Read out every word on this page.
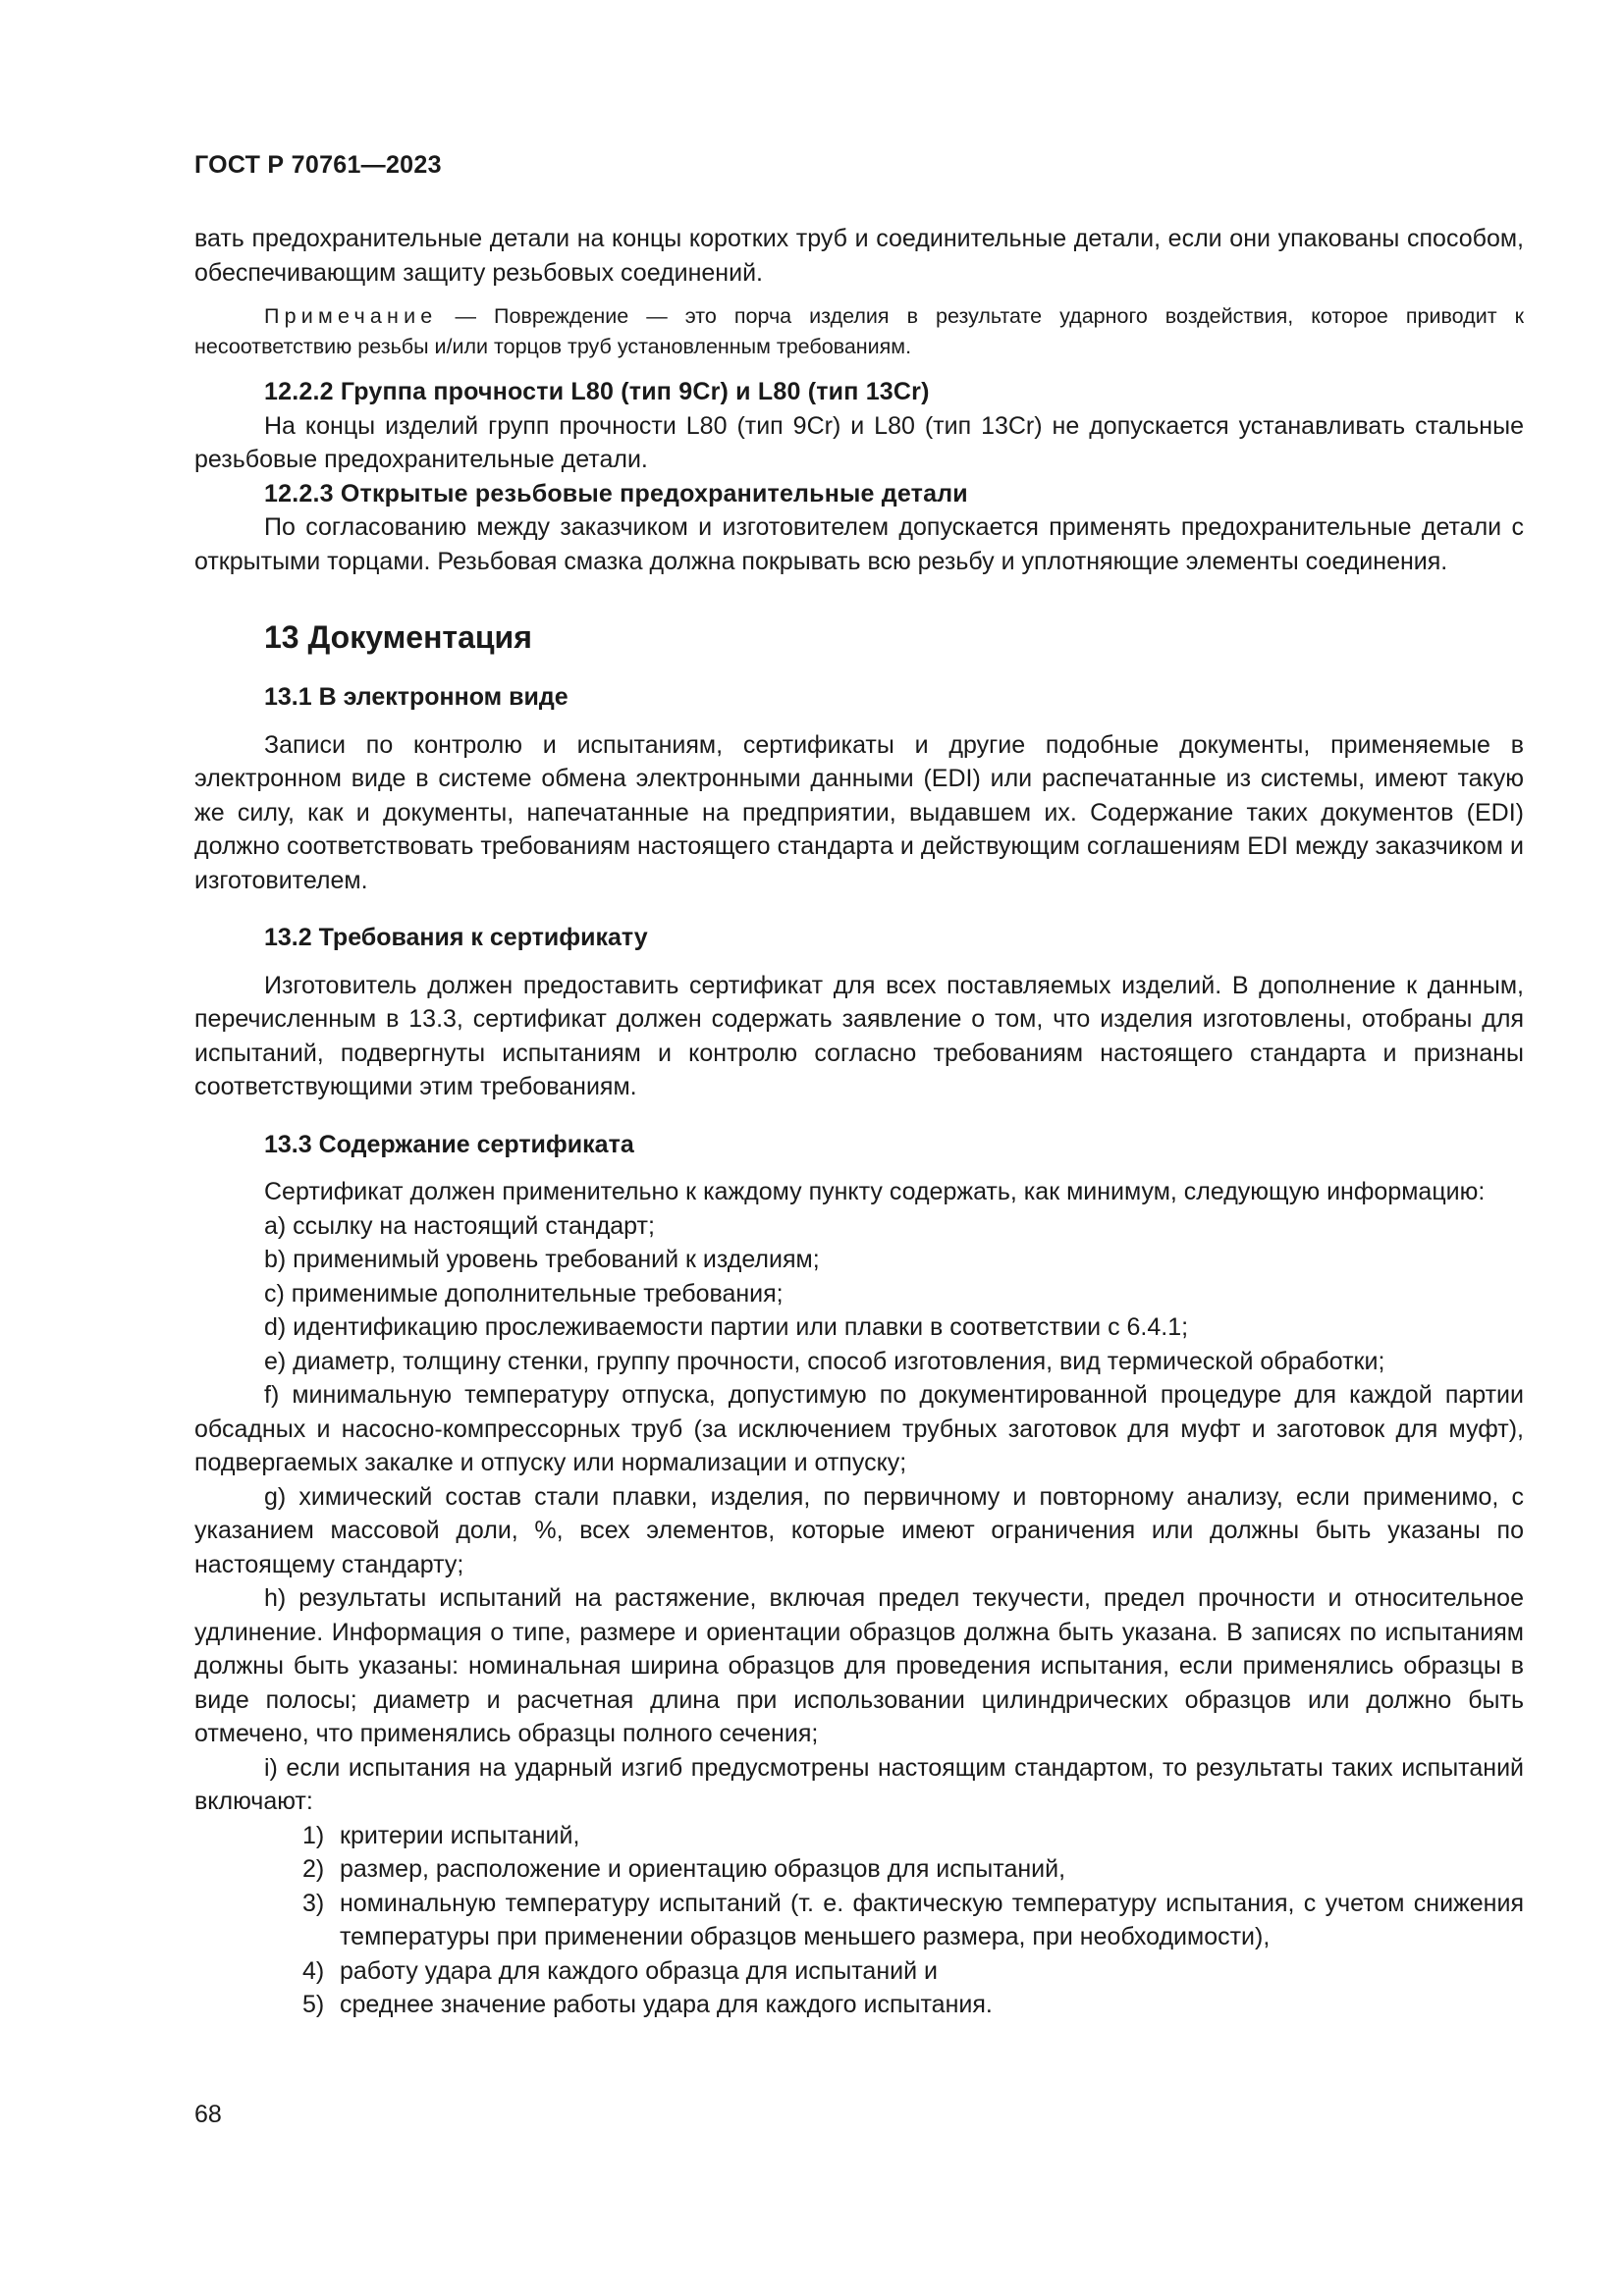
ГОСТ Р 70761—2023

вать предохранительные детали на концы коротких труб и соединительные детали, если они упакованы способом, обеспечивающим защиту резьбовых соединений.

Примечание — Повреждение — это порча изделия в результате ударного воздействия, которое приводит к несоответствию резьбы и/или торцов труб установленным требованиям.

12.2.2 Группа прочности L80 (тип 9Cr) и L80 (тип 13Cr)

На концы изделий групп прочности L80 (тип 9Cr) и L80 (тип 13Cr) не допускается устанавливать стальные резьбовые предохранительные детали.

12.2.3 Открытые резьбовые предохранительные детали

По согласованию между заказчиком и изготовителем допускается применять предохранительные детали с открытыми торцами. Резьбовая смазка должна покрывать всю резьбу и уплотняющие элементы соединения.

13 Документация
13.1 В электронном виде

Записи по контролю и испытаниям, сертификаты и другие подобные документы, применяемые в электронном виде в системе обмена электронными данными (EDI) или распечатанные из системы, имеют такую же силу, как и документы, напечатанные на предприятии, выдавшем их. Содержание таких документов (EDI) должно соответствовать требованиям настоящего стандарта и действующим соглашениям EDI между заказчиком и изготовителем.

13.2 Требования к сертификату

Изготовитель должен предоставить сертификат для всех поставляемых изделий. В дополнение к данным, перечисленным в 13.3, сертификат должен содержать заявление о том, что изделия изготовлены, отобраны для испытаний, подвергнуты испытаниям и контролю согласно требованиям настоящего стандарта и признаны соответствующими этим требованиям.

13.3 Содержание сертификата

Сертификат должен применительно к каждому пункту содержать, как минимум, следующую информацию:

a) ссылку на настоящий стандарт;

b) применимый уровень требований к изделиям;

c) применимые дополнительные требования;

d) идентификацию прослеживаемости партии или плавки в соответствии с 6.4.1;

e) диаметр, толщину стенки, группу прочности, способ изготовления, вид термической обработки;

f) минимальную температуру отпуска, допустимую по документированной процедуре для каждой партии обсадных и насосно-компрессорных труб (за исключением трубных заготовок для муфт и заготовок для муфт), подвергаемых закалке и отпуску или нормализации и отпуску;

g) химический состав стали плавки, изделия, по первичному и повторному анализу, если применимо, с указанием массовой доли, %, всех элементов, которые имеют ограничения или должны быть указаны по настоящему стандарту;

h) результаты испытаний на растяжение, включая предел текучести, предел прочности и относительное удлинение. Информация о типе, размере и ориентации образцов должна быть указана. В записях по испытаниям должны быть указаны: номинальная ширина образцов для проведения испытания, если применялись образцы в виде полосы; диаметр и расчетная длина при использовании цилиндрических образцов или должно быть отмечено, что применялись образцы полного сечения;

i) если испытания на ударный изгиб предусмотрены настоящим стандартом, то результаты таких испытаний включают:

1) критерии испытаний,

2) размер, расположение и ориентацию образцов для испытаний,

3) номинальную температуру испытаний (т. е. фактическую температуру испытания, с учетом снижения температуры при применении образцов меньшего размера, при необходимости),

4) работу удара для каждого образца для испытаний и

5) среднее значение работы удара для каждого испытания.

68
